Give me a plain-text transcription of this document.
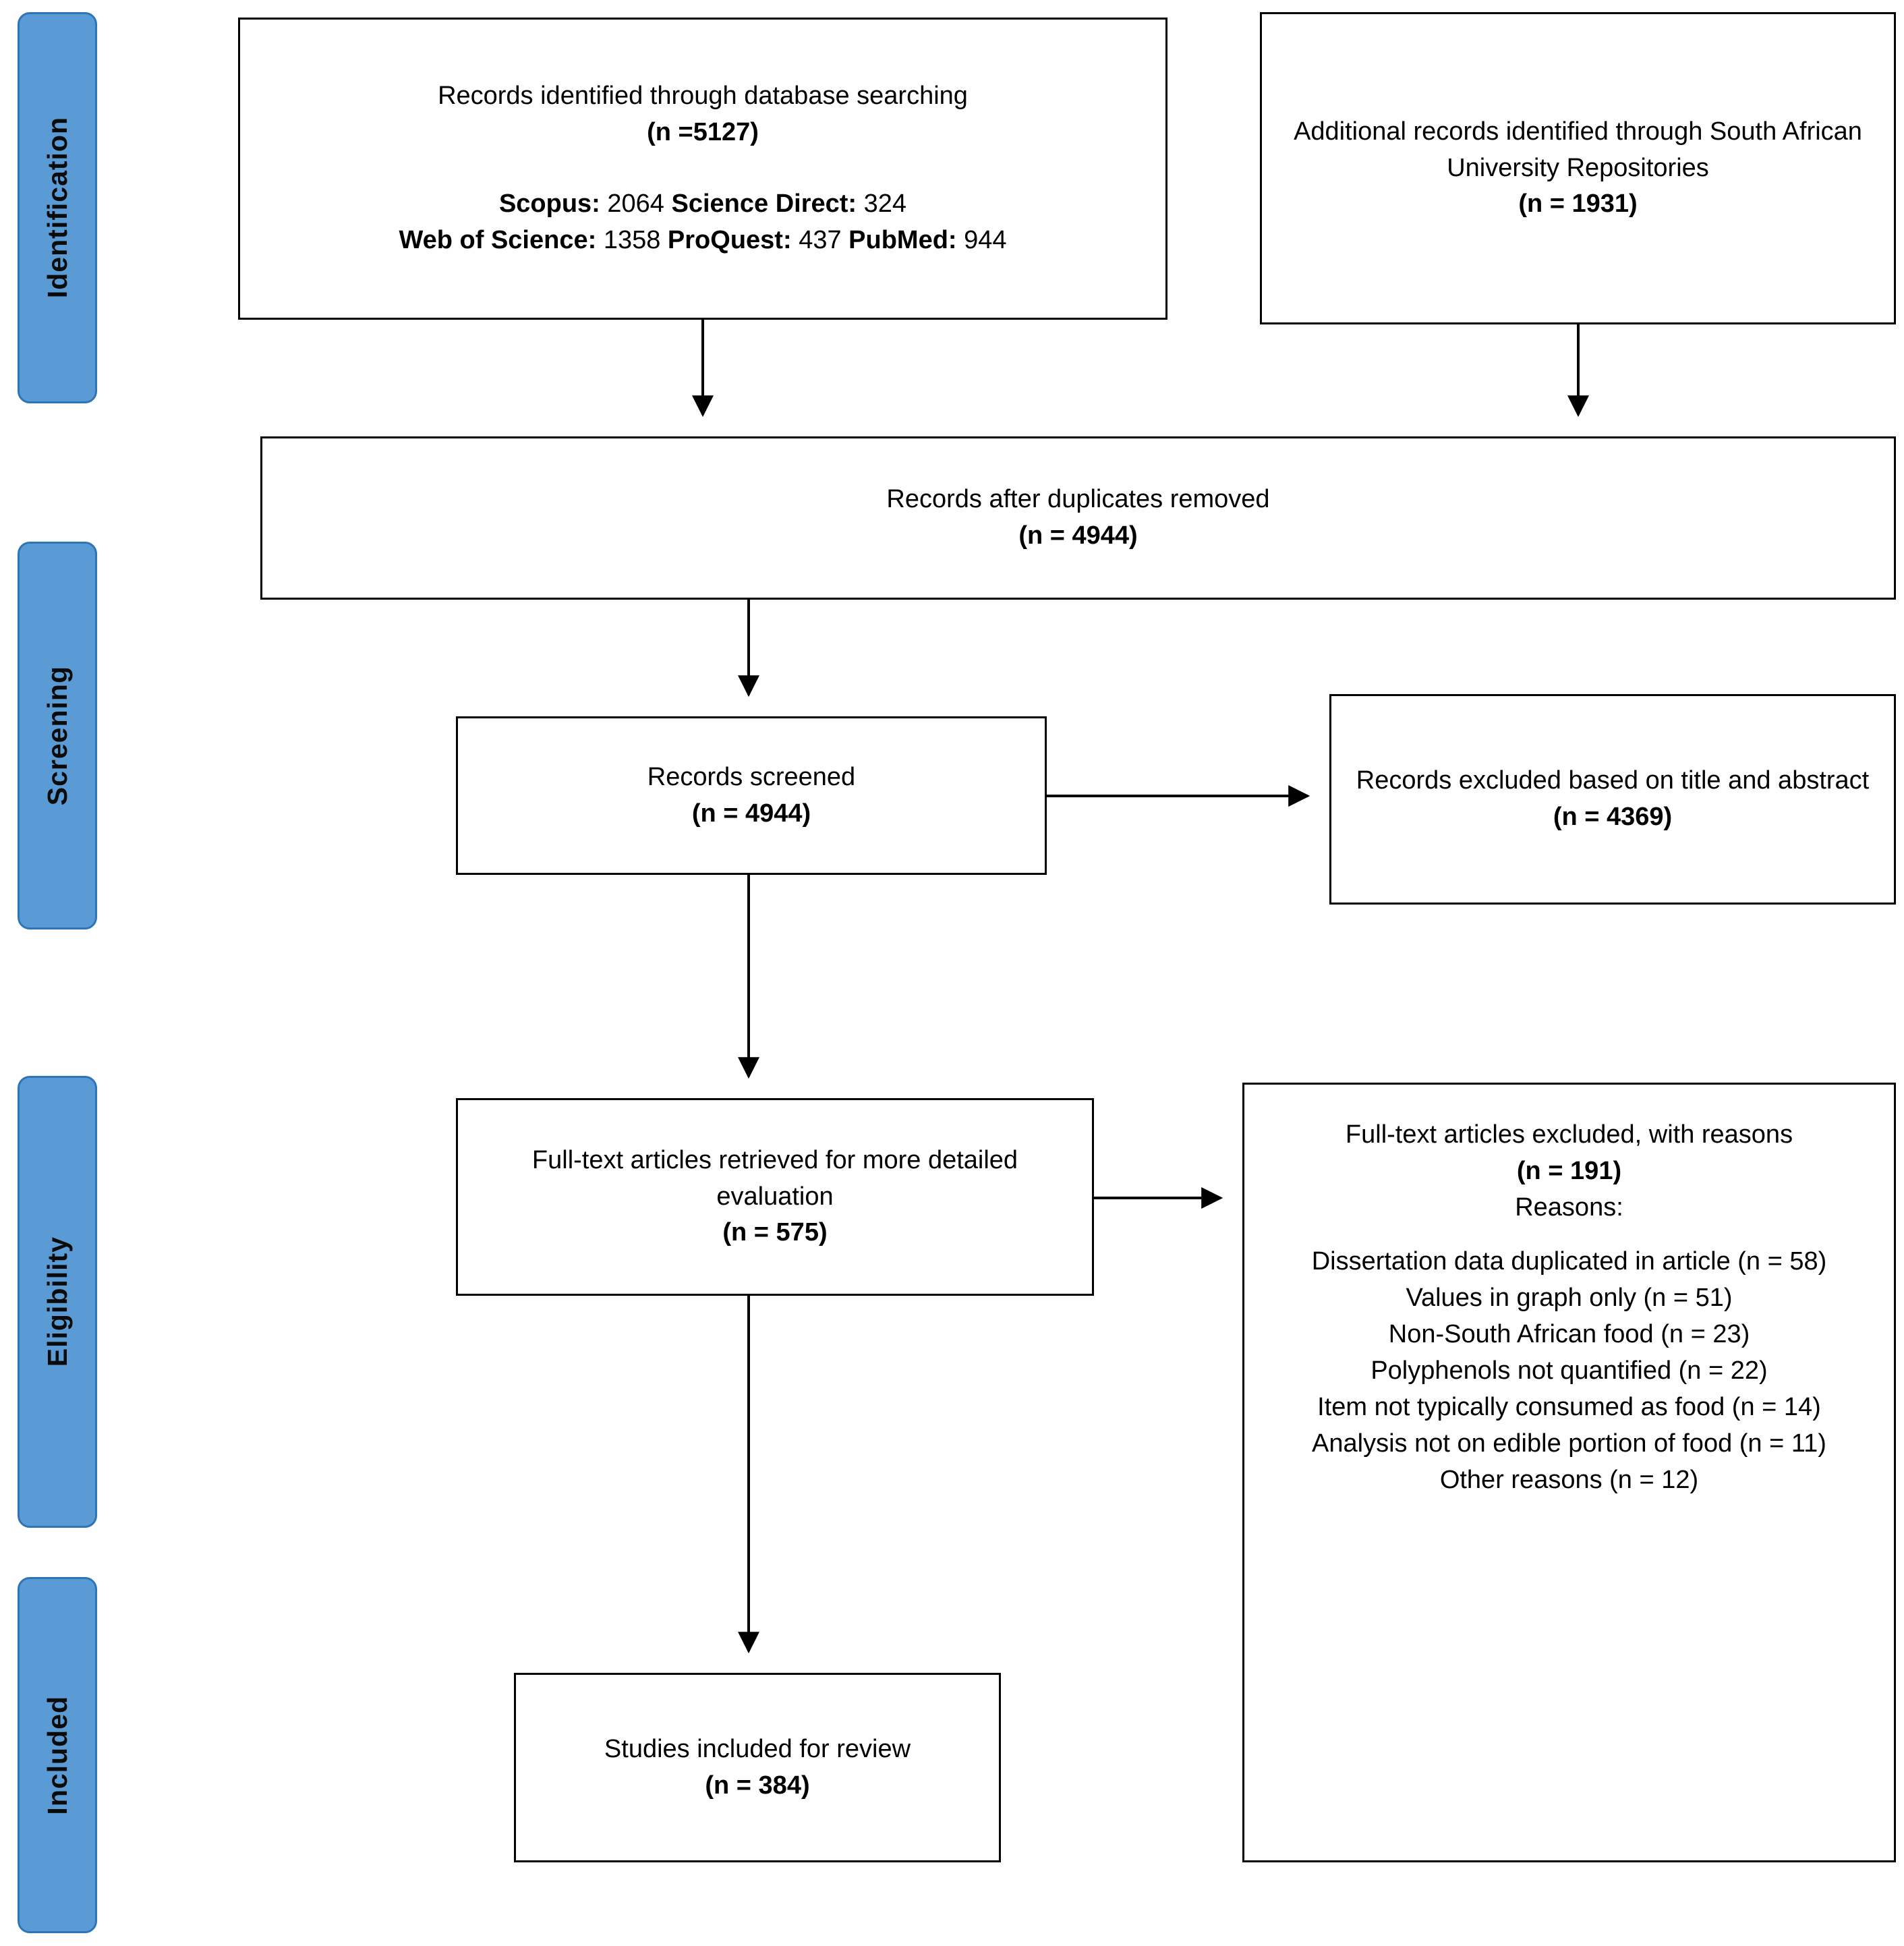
Identification
Screening
Eligibility
Included

Records identified through database searching

(n =5127)

Scopus: 2064 Science Direct: 324

Web of Science: 1358 ProQuest: 437 PubMed: 944

Additional records identified through South African University Repositories

(n = 1931)

Records after duplicates removed

(n = 4944)

Records screened

(n = 4944)

Records excluded based on title and abstract

(n = 4369)

Full-text articles retrieved for more detailed evaluation

(n = 575)

Full-text articles excluded, with reasons

(n = 191)

Reasons:

Dissertation data duplicated in article (n = 58)

Values in graph only (n = 51)

Non-South African food (n = 23)

Polyphenols not quantified (n = 22)

Item not typically consumed as food (n = 14)

Analysis not on edible portion of food (n = 11)

Other reasons (n = 12)

Studies included for review

(n = 384)
